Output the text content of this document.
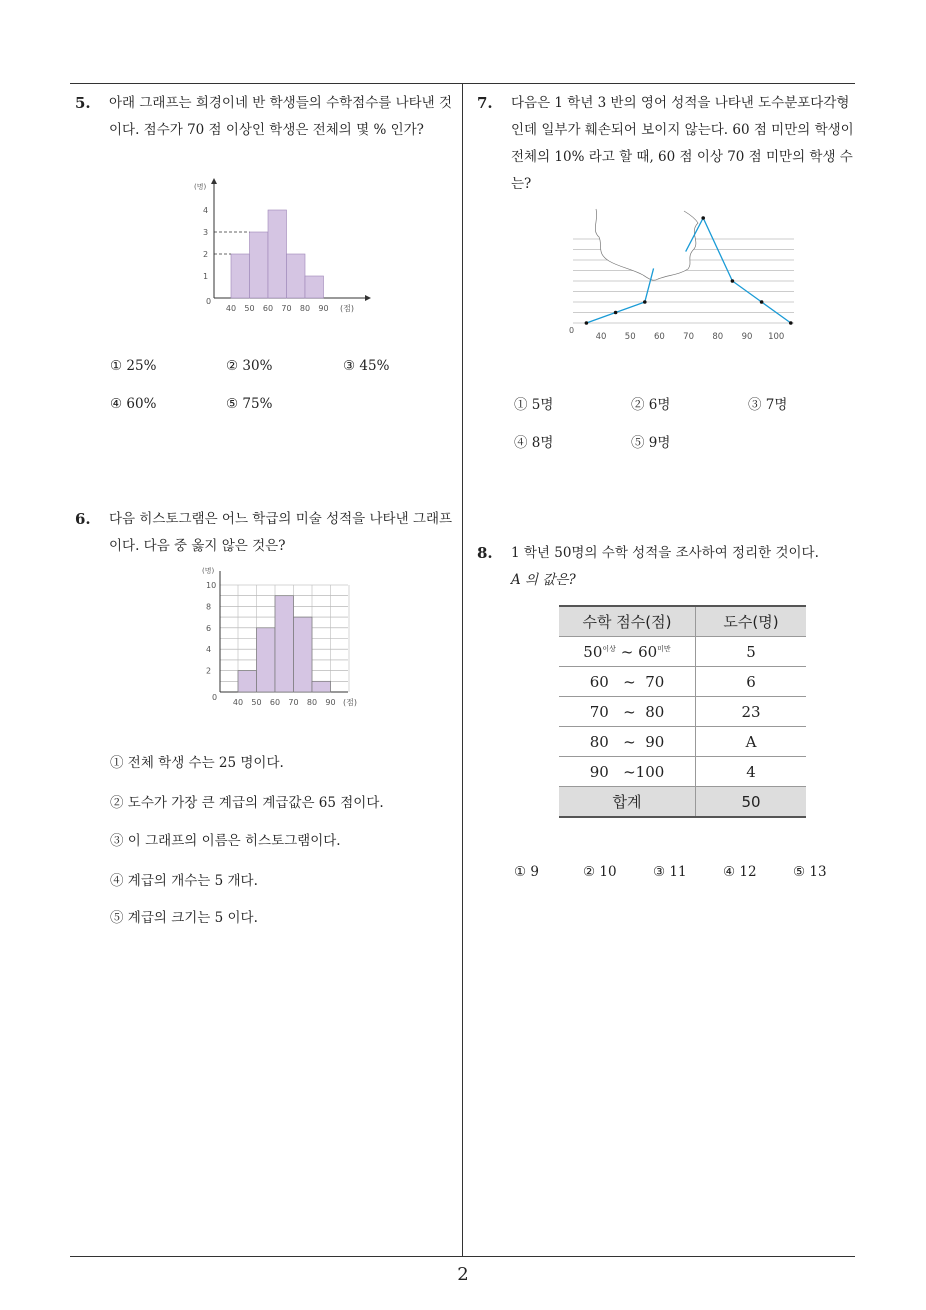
2
5. 아래 그래프는 희경이네 반 학생들의 수학점수를 나타낸 것이다. 점수가 70 점 이상인 학생은 전체의 몇 % 인가?
(명)
0
1
2
3
4
40 50 60 70 80 90 (점)
① 25%	② 30%	③ 45%
④ 60%	⑤ 75%
6. 다음 히스토그램은 어느 학급의 미술 성적을 나타낸 그래프이다. 다음 중 옳지 않은 것은?
(명)
0
2
4
6
8
10
40 50 60 70 80 90 (점)
① 전체 학생 수는 25 명이다.
② 도수가 가장 큰 계급의 계급값은 65 점이다.
③ 이 그래프의 이름은 히스토그램이다.
④ 계급의 개수는 5 개다.
⑤ 계급의 크기는 5 이다.
7. 다음은 1 학년 3 반의 영어 성적을 나타낸 도수분포다각형인데 일부가 훼손되어 보이지 않는다. 60 점 미만의 학생이 전체의 10% 라고 할 때, 60 점 이상 70 점 미만의 학생 수는?
0
40 50 60 70 80 90 100
① 5명	② 6명	③ 7명
④ 8명	⑤ 9명
8. 1 학년 50명의 수학 성적을 조사하여 정리한 것이다.
A 의 값은?
수학 점수(점)	도수(명)
$50^{이상}$ ~ $60^{미만}$	5
60 ~ 70	6
70 ~ 80	23
80 ~ 90	A
90 ~100	4
합계	50
① 9	② 10	③ 11	④ 12	⑤ 13
